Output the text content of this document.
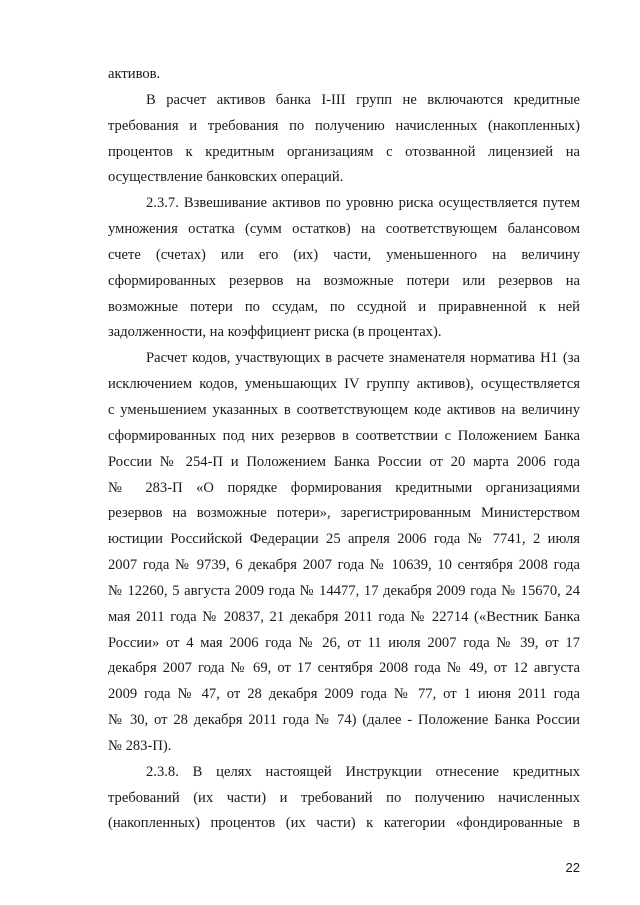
активов.
В расчет активов банка I-III групп не включаются кредитные
требования и требования по получению начисленных (накопленных)
процентов к кредитным организациям с отозванной лицензией на
осуществление банковских операций.
2.3.7. Взвешивание активов по уровню риска осуществляется путем
умножения остатка (сумм остатков) на соответствующем балансовом
счете (счетах) или его (их) части, уменьшенного на величину
сформированных резервов на возможные потери или резервов на
возможные потери по ссудам, по ссудной и приравненной к ней
задолженности, на коэффициент риска (в процентах).
Расчет кодов, участвующих в расчете знаменателя норматива Н1 (за
исключением кодов, уменьшающих IV группу активов), осуществляется
с уменьшением указанных в соответствующем коде активов на величину
сформированных под них резервов в соответствии с Положением Банка
России № 254-П и Положением Банка России от 20 марта 2006 года
№ 283-П «О порядке формирования кредитными организациями
резервов на возможные потери», зарегистрированным Министерством
юстиции Российской Федерации 25 апреля 2006 года № 7741, 2 июля
2007 года № 9739, 6 декабря 2007 года № 10639, 10 сентября 2008 года
№ 12260, 5 августа 2009 года № 14477, 17 декабря 2009 года № 15670, 24
мая 2011 года № 20837, 21 декабря 2011 года № 22714 («Вестник Банка
России» от 4 мая 2006 года № 26, от 11 июля 2007 года № 39, от 17
декабря 2007 года № 69, от 17 сентября 2008 года № 49, от 12 августа
2009 года № 47, от 28 декабря 2009 года № 77, от 1 июня 2011 года
№ 30, от 28 декабря 2011 года № 74) (далее - Положение Банка России
№ 283-П).
2.3.8. В целях настоящей Инструкции отнесение кредитных
требований (их части) и требований по получению начисленных
(накопленных) процентов (их части) к категории «фондированные в
22
